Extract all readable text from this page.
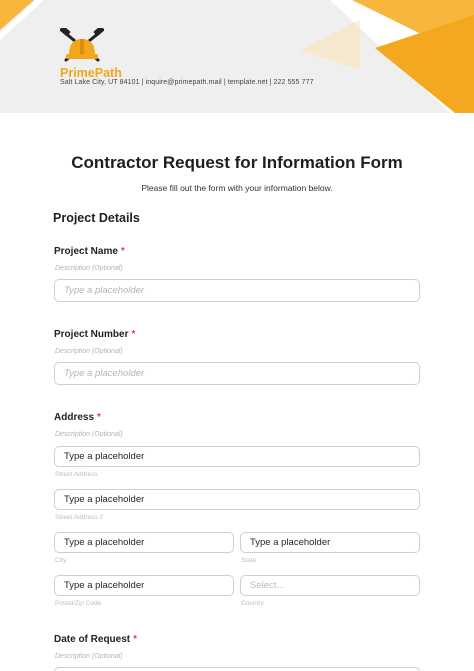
PrimePath
Salt Lake City, UT 84101 | inquire@primepath.mail | template.net | 222 555 777
Contractor Request for Information Form
Please fill out the form with your information below.
Project Details
Project Name *
Description (Optional)
Type a placeholder
Project Number *
Description (Optional)
Type a placeholder
Address *
Description (Optional)
Type a placeholder
Street Address
Type a placeholder
Street Address 2
Type a placeholder
City
Type a placeholder
State
Type a placeholder
Postal/Zip Code
Select...
Country
Date of Request *
Description (Optional)
